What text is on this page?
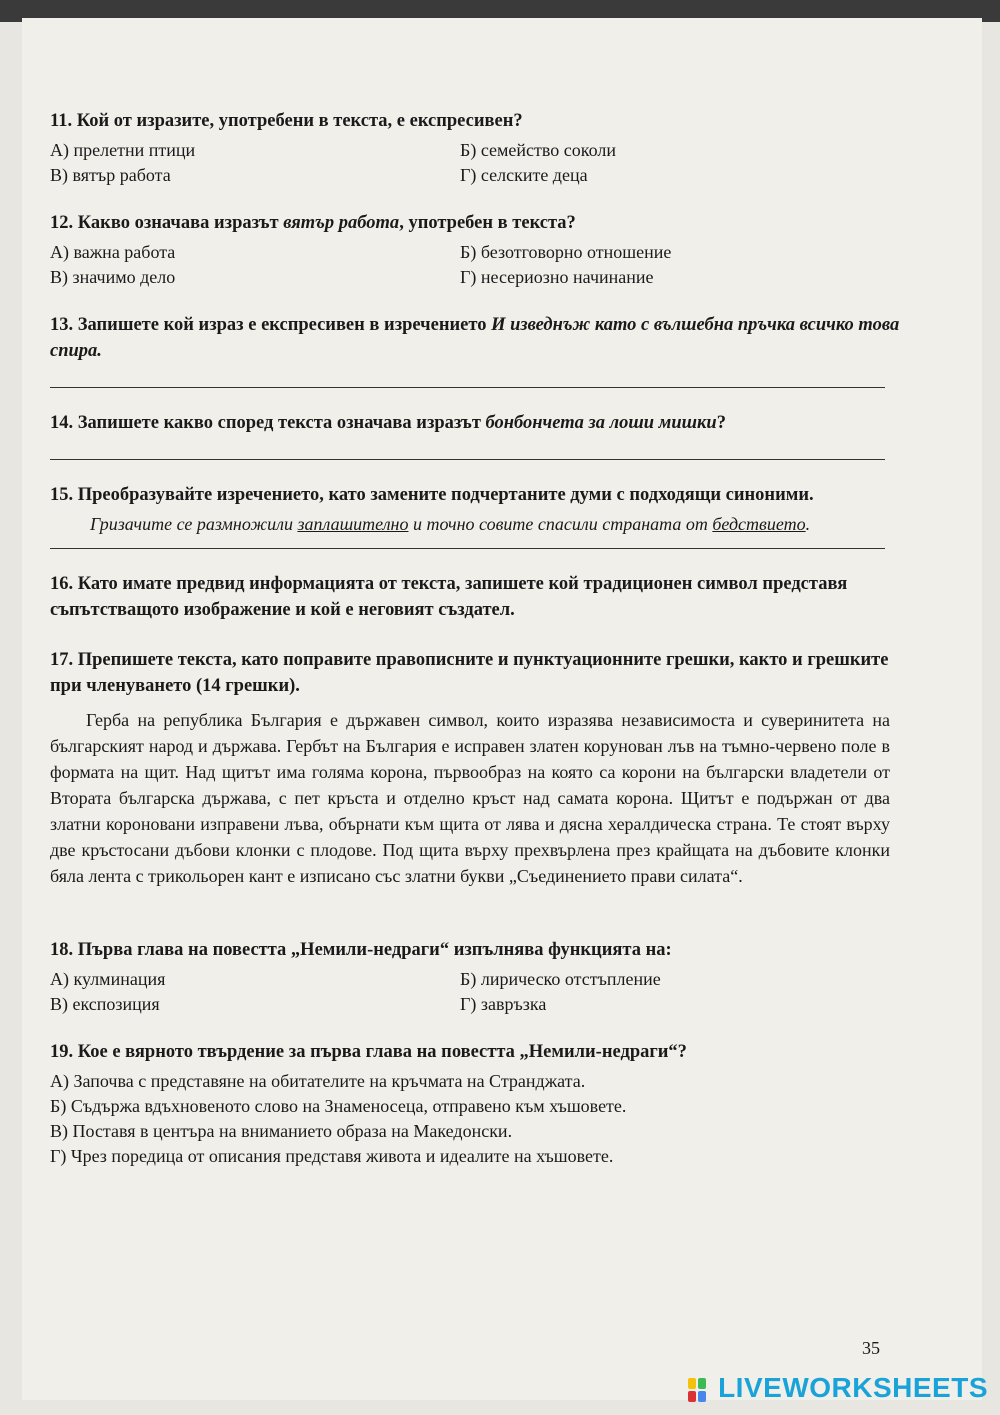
11. Кой от изразите, употребени в текста, е експресивен?

А) прелетни птици	Б) семейство соколи
В) вятър работа	Г) селските деца

12. Какво означава изразът вятър работа, употребен в текста?

А) важна работа	Б) безотговорно отношение
В) значимо дело	Г) несериозно начинание

13. Запишете кой израз е експресивен в изречението И изведнъж като с вълшебна пръчка всичко това спира.

14. Запишете какво според текста означава изразът бонбончета за лоши мишки?

15. Преобразувайте изречението, като замените подчертаните думи с подходящи синоними.

Гризачите се размножили заплашително и точно совите спасили страната от бедствието.

16. Като имате предвид информацията от текста, запишете кой традиционен символ представя съпътстващото изображение и кой е неговият създател.

17. Препишете текста, като поправите правописните и пунктуационните грешки, както и грешките при членуването (14 грешки).

Герба на република България е държавен символ, които изразява независимоста и суверинитета на българският народ и държава. Гербът на България е исправен златен корунован лъв на тъмно-червено поле в формата на щит. Над щитът има голяма корона, първообраз на която са корони на български владетели от Втората българска държава, с пет кръста и отделно кръст над самата корона. Щитът е подържан от два златни короновани изправени лъва, обърнати към щита от лява и дясна хералдическа страна. Те стоят върху две кръстосани дъбови клонки с плодове. Под щита върху прехвърлена през крайщата на дъбовите клонки бяла лента с трикольорен кант е изписано със златни букви „Съединението прави силата“.

18. Първа глава на повестта „Немили-недраги“ изпълнява функцията на:

А) кулминация	Б) лирическо отстъпление
В) експозиция	Г) завръзка

19. Кое е вярното твърдение за първа глава на повестта „Немили-недраги“?

А) Започва с представяне на обитателите на кръчмата на Странджата.
Б) Съдържа вдъхновеното слово на Знаменосеца, отправено към хъшовете.
В) Поставя в центъра на вниманието образа на Македонски.
Г) Чрез поредица от описания представя живота и идеалите на хъшовете.
35
LIVEWORKSHEETS
